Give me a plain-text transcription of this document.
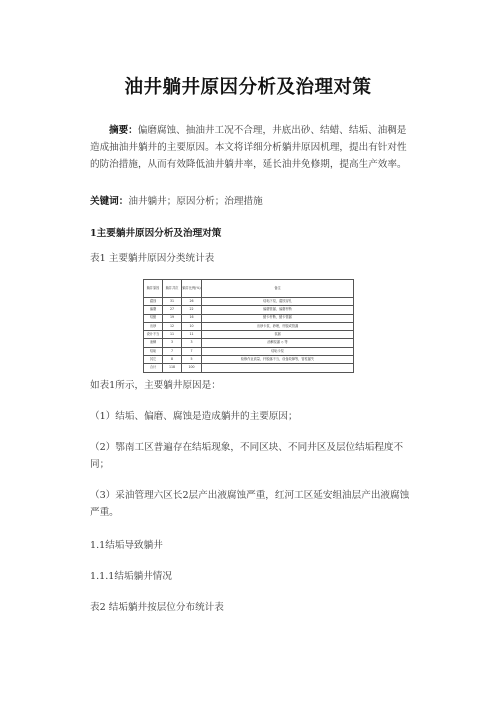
油井躺井原因分析及治理对策
摘要：偏磨腐蚀、抽油井工况不合理，井底出砂、结蜡、结垢、油稠是造成抽油井躺井的主要原因。本文将详细分析躺井原因机理，提出有针对性的防治措施，从而有效降低油井躺井率，延长油井免修期，提高生产效率。
关键词：油井躺井；原因分析；治理措施
1主要躺井原因分析及治理对策
表1 主要躺井原因分类统计表
躺井原因	躺井井次	躺井比例(%)	备注
腐蚀	31	26	结垢下泵，腐蚀穿孔
偏磨	27	22	偏磨管漏，偏磨杆断
结蜡	19	16	蜡卡杆断，蜡卡管漏
出砂	12	10	出砂卡泵，砂埋，杆脱或管漏
设计不当	11	11	泵漏
油稠	3	3	油稠泵漏 ◇ 等
结垢	7	7	结垢卡泵
其它	8	5	检修作业质量，杆脱落不当，设备故障等，管柱漏失
合计	118	100	
如表1所示，主要躺井原因是：
（1）结垢、偏磨、腐蚀是造成躺井的主要原因；
（2）鄂南工区普遍存在结垢现象，不同区块、不同井区及层位结垢程度不同；
（3）采油管理六区长2层产出液腐蚀严重，红河工区延安组油层产出液腐蚀严重。
1.1结垢导致躺井
1.1.1结垢躺井情况
表2 结垢躺井按层位分布统计表
